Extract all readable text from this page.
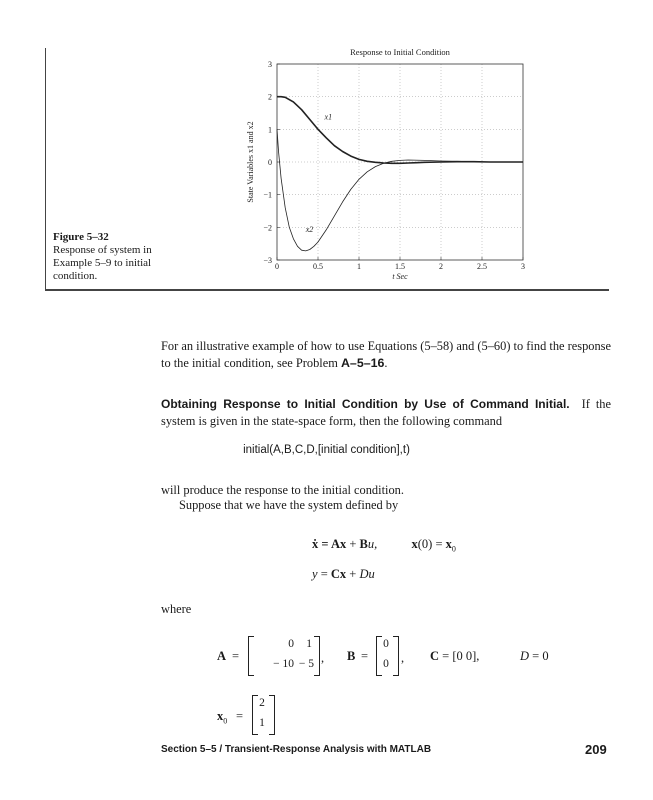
Figure 5–32
Response of system in Example 5–9 to initial condition.
0	0.5	1	1.5	2	2.5	3
3
2
1
0
−1
−2
−3
Response to Initial Condition
t Sec
State Variables x1 and x2
x1
x2
For an illustrative example of how to use Equations (5–58) and (5–60) to find the response to the initial condition, see Problem A–5–16.
Obtaining Response to Initial Condition by Use of Command Initial. If the system is given in the state-space form, then the following command
initial(A,B,C,D,[initial condition],t)
will produce the response to the initial condition.
Suppose that we have the system defined by
ẋ = Ax + Bu,	$x(0) = x_0$
y = Cx + Du
where
A =
0	1
− 10 − 5 , B =
0
0 , C = [0 0],	D = 0
$x_0$ =
2
1
Section 5–5 / Transient-Response Analysis with MATLAB	209
